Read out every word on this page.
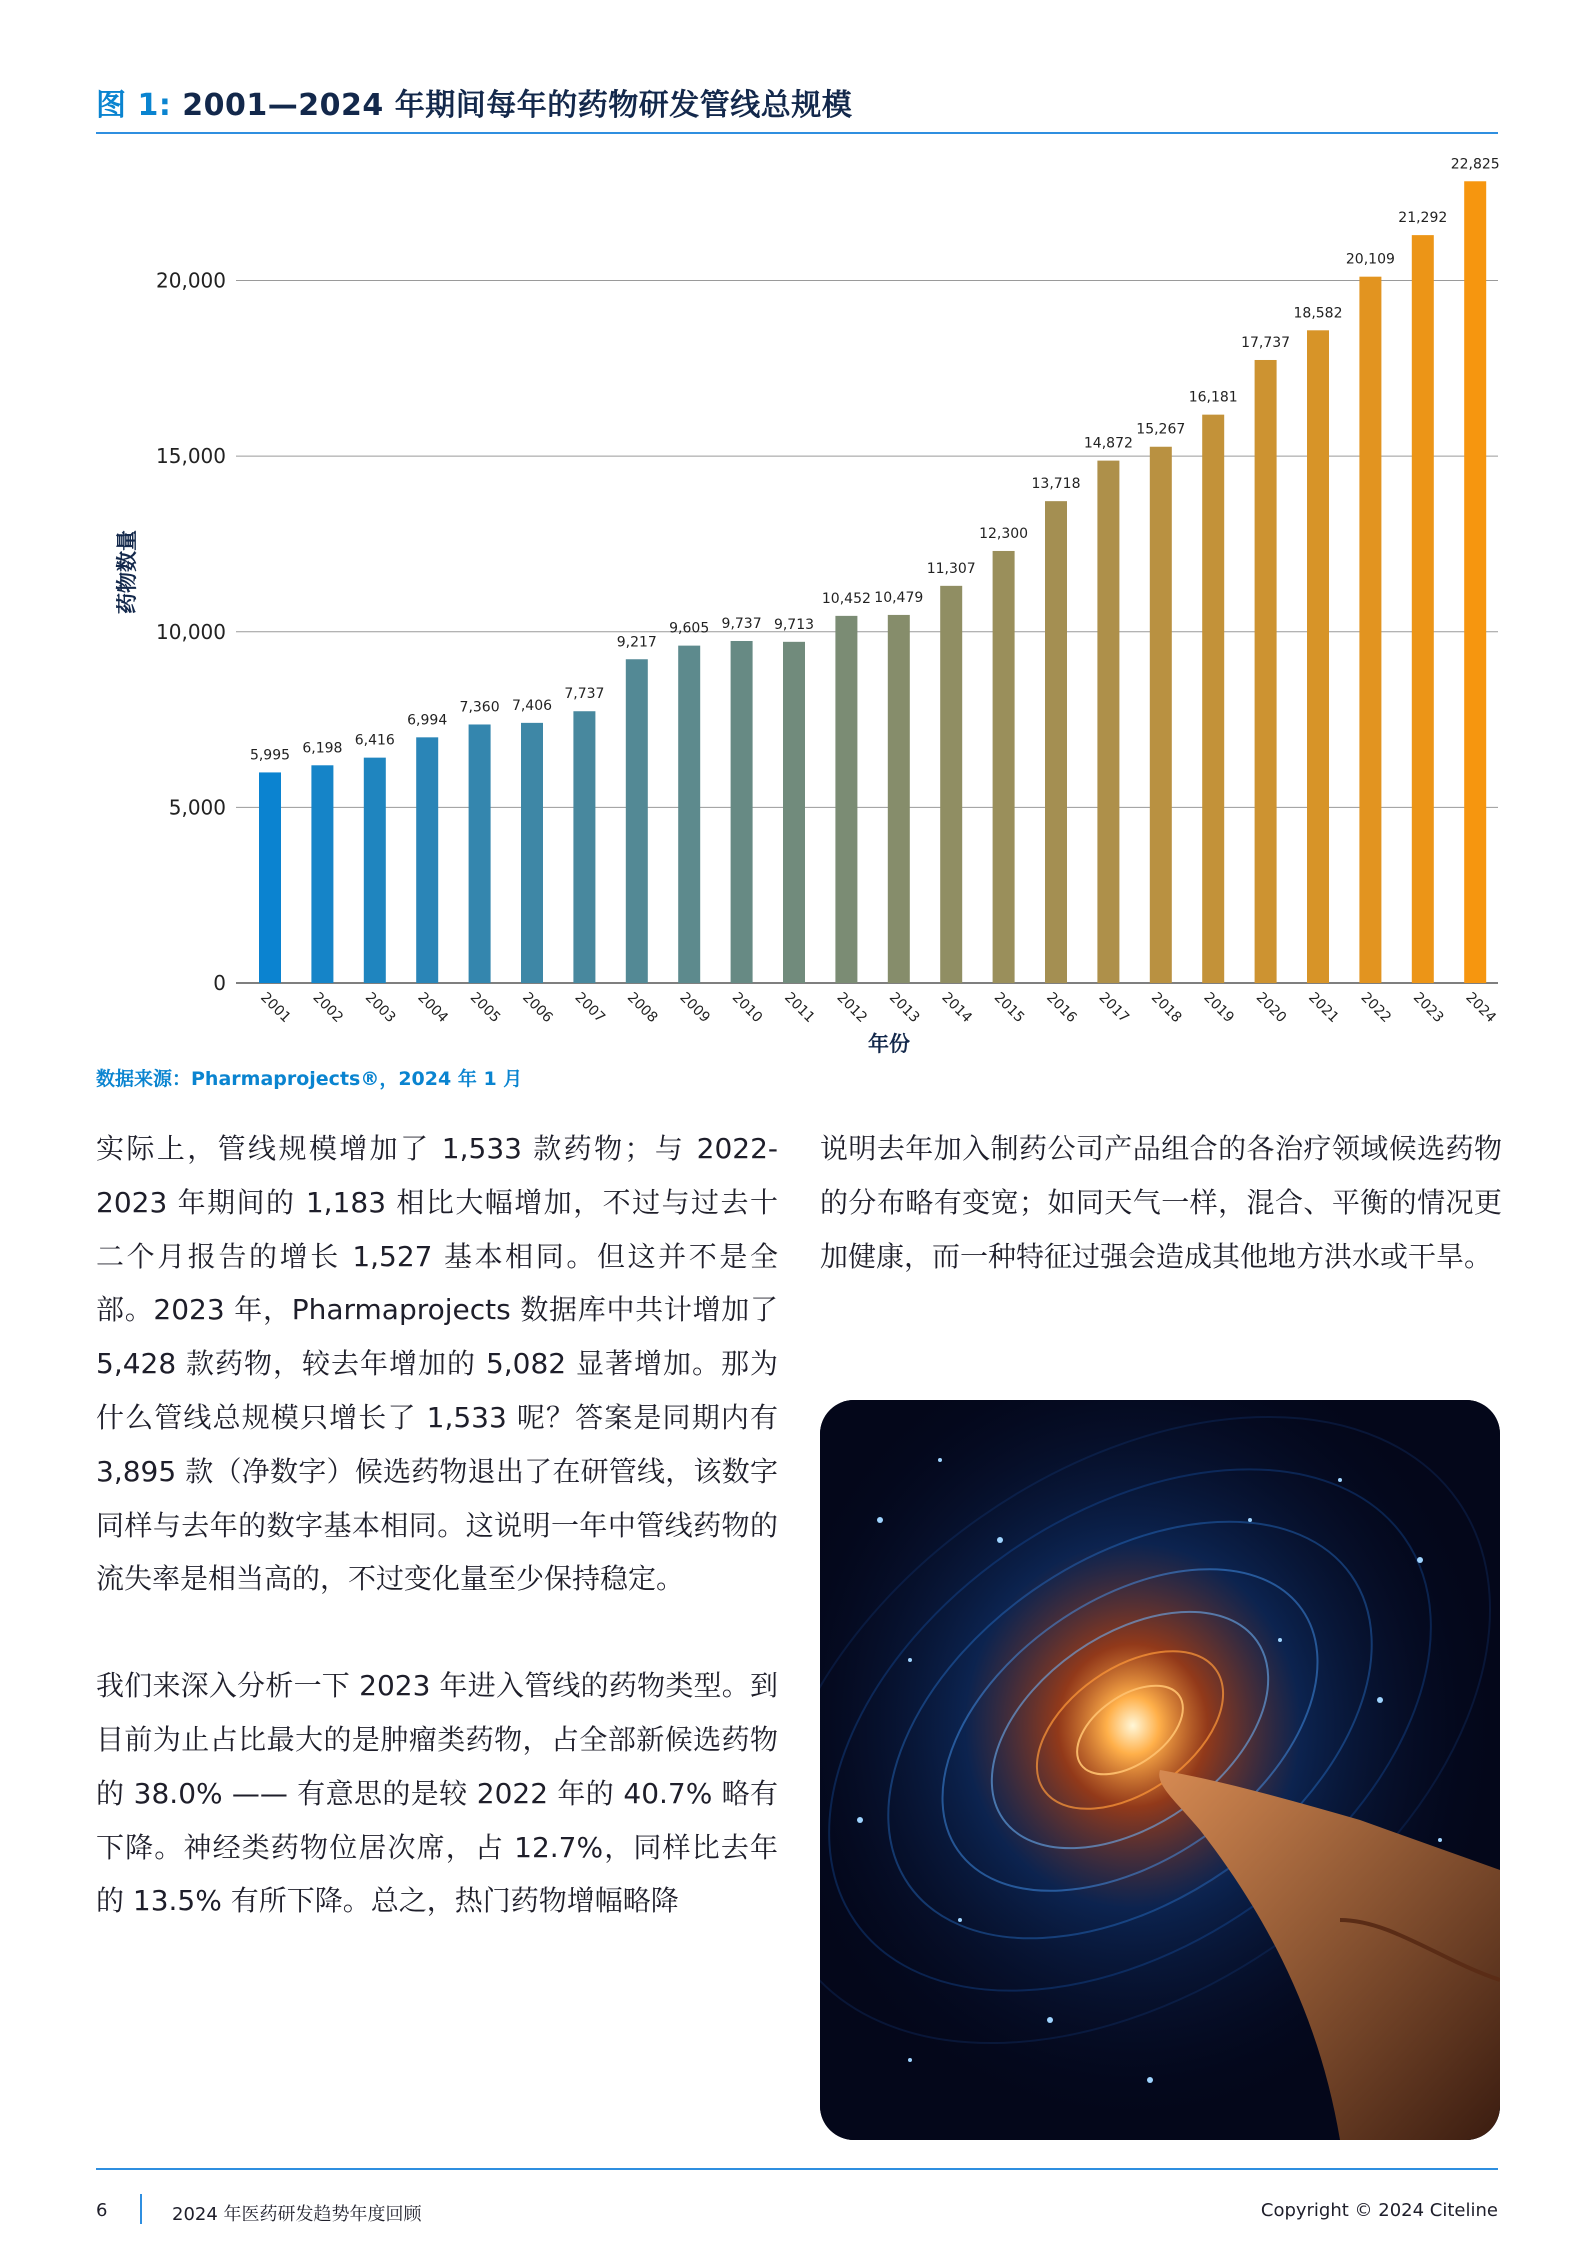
图 1: 2001—2024 年期间每年的药物研发管线总规模
0
5,000
10,000
15,000
20,000
药物数量
5,995
2001
6,198
2002
6,416
2003
6,994
2004
7,360
2005
7,406
2006
7,737
2007
9,217
2008
9,605
2009
9,737
2010
9,713
2011
10,452
2012
10,479
2013
11,307
2014
12,300
2015
13,718
2016
14,872
2017
15,267
2018
16,181
2019
17,737
2020
18,582
2021
20,109
2022
21,292
2023
22,825
2024
年份
数据来源：Pharmaprojects®，2024 年 1 月

实际上，管线规模增加了 1,533 款药物；与 2022-2023 年期间的 1,183 相比大幅增加，不过与过去十二个月报告的增长 1,527 基本相同。但这并不是全部。2023 年，Pharmaprojects 数据库中共计增加了 5,428 款药物，较去年增加的 5,082 显著增加。那为什么管线总规模只增长了 1,533 呢？答案是同期内有 3,895 款（净数字）候选药物退出了在研管线，该数字同样与去年的数字基本相同。这说明一年中管线药物的流失率是相当高的，不过变化量至少保持稳定。

我们来深入分析一下 2023 年进入管线的药物类型。到目前为止占比最大的是肿瘤类药物，占全部新候选药物的 38.0% —— 有意思的是较 2022 年的 40.7% 略有下降。神经类药物位居次席，占 12.7%，同样比去年的 13.5% 有所下降。总之，热门药物增幅略降

说明去年加入制药公司产品组合的各治疗领域候选药物的分布略有变宽；如同天气一样，混合、平衡的情况更加健康，而一种特征过强会造成其他地方洪水或干旱。

6	2024 年医药研发趋势年度回顾	Copyright © 2024 Citeline
